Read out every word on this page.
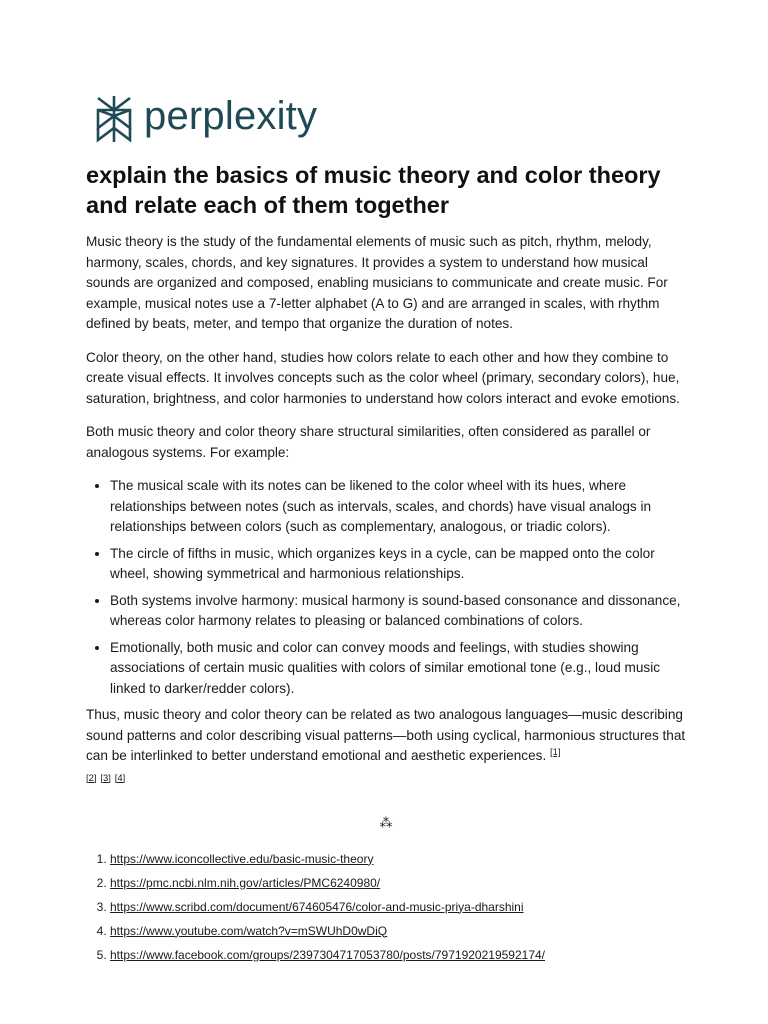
perplexity
explain the basics of music theory and color theory and relate each of them together

Music theory is the study of the fundamental elements of music such as pitch, rhythm, melody, harmony, scales, chords, and key signatures. It provides a system to understand how musical sounds are organized and composed, enabling musicians to communicate and create music. For example, musical notes use a 7-letter alphabet (A to G) and are arranged in scales, with rhythm defined by beats, meter, and tempo that organize the duration of notes.

Color theory, on the other hand, studies how colors relate to each other and how they combine to create visual effects. It involves concepts such as the color wheel (primary, secondary colors), hue, saturation, brightness, and color harmonies to understand how colors interact and evoke emotions.

Both music theory and color theory share structural similarities, often considered as parallel or analogous systems. For example:

• The musical scale with its notes can be likened to the color wheel with its hues, where relationships between notes (such as intervals, scales, and chords) have visual analogs in relationships between colors (such as complementary, analogous, or triadic colors).
• The circle of fifths in music, which organizes keys in a cycle, can be mapped onto the color wheel, showing symmetrical and harmonious relationships.
• Both systems involve harmony: musical harmony is sound-based consonance and dissonance, whereas color harmony relates to pleasing or balanced combinations of colors.
• Emotionally, both music and color can convey moods and feelings, with studies showing associations of certain music qualities with colors of similar emotional tone (e.g., loud music linked to darker/redder colors).

Thus, music theory and color theory can be related as two analogous languages—music describing sound patterns and color describing visual patterns—both using cyclical, harmonious structures that can be interlinked to better understand emotional and aesthetic experiences. [1]
[2] [3] [4]

⁂
1. https://www.iconcollective.edu/basic-music-theory
2. https://pmc.ncbi.nlm.nih.gov/articles/PMC6240980/
3. https://www.scribd.com/document/674605476/color-and-music-priya-dharshini
4. https://www.youtube.com/watch?v=mSWUhD0wDiQ
5. https://www.facebook.com/groups/2397304717053780/posts/7971920219592174/
